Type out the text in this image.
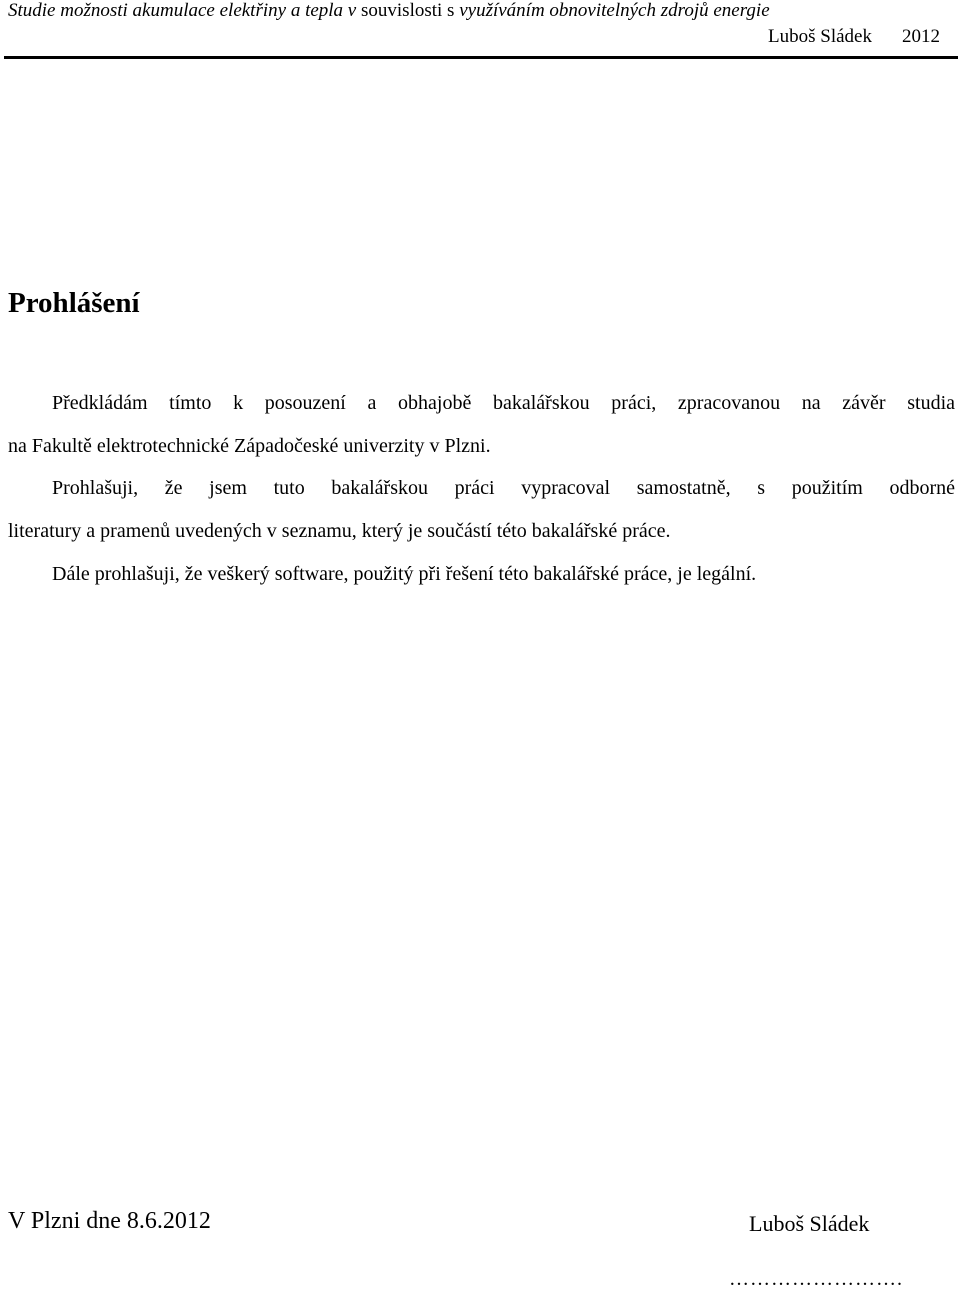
Studie možnosti akumulace elektřiny a tepla v souvislosti s využíváním obnovitelných zdrojů energie
Luboš Sládek 2012
Prohlášení
Předkládám tímto k posouzení a obhajobě bakalářskou práci, zpracovanou na závěr studia
na Fakultě elektrotechnické Západočeské univerzity v Plzni.
Prohlašuji, že jsem tuto bakalářskou práci vypracoval samostatně, s použitím odborné
literatury a pramenů uvedených v seznamu, který je součástí této bakalářské práce.
Dále prohlašuji, že veškerý software, použitý při řešení této bakalářské práce, je legální.
V Plzni dne 8.6.2012	Luboš Sládek
…………………….
